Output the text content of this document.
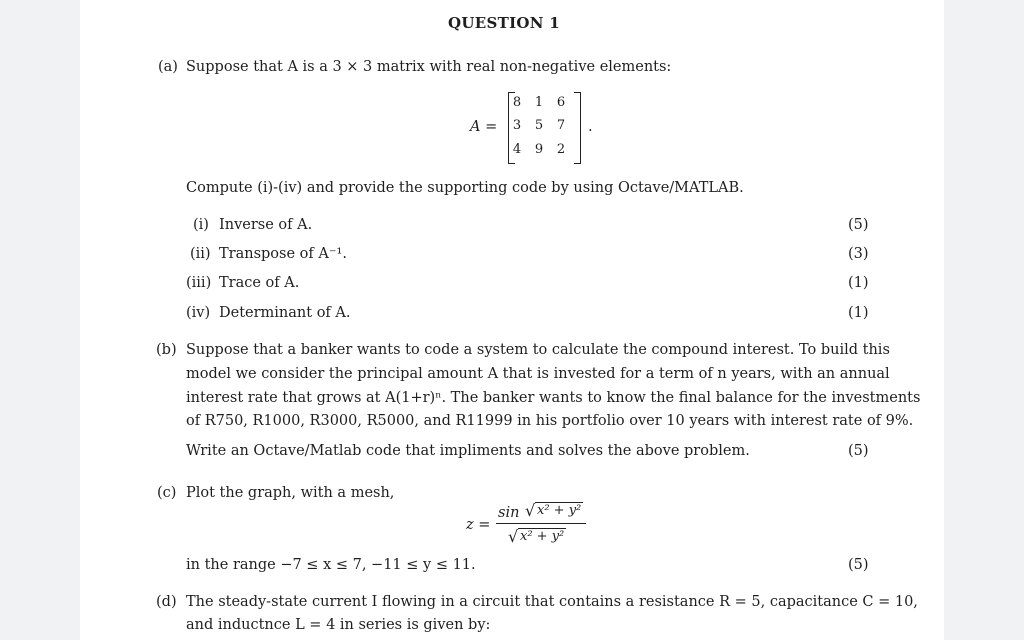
QUESTION 1
(a) Suppose that A is a 3 × 3 matrix with real non-negative elements:
A =
8	1	6
3	5	7
4	9	2
.
Compute (i)-(iv) and provide the supporting code by using Octave/MATLAB.
(i) Inverse of A.	(5)
(ii) Transpose of A⁻¹.	(3)
(iii) Trace of A.	(1)
(iv) Determinant of A.	(1)
(b) Suppose that a banker wants to code a system to calculate the compound interest. To build this
model we consider the principal amount A that is invested for a term of n years, with an annual
interest rate that grows at A(1+r)ⁿ. The banker wants to know the final balance for the investments
of R750, R1000, R3000, R5000, and R11999 in his portfolio over 10 years with interest rate of 9%.
Write an Octave/Matlab code that impliments and solves the above problem.	(5)
(c) Plot the graph, with a mesh,
z =
sin √ x² + y²
√ x² + y²
in the range −7 ≤ x ≤ 7, −11 ≤ y ≤ 11.	(5)
(d) The steady-state current I flowing in a circuit that contains a resistance R = 5, capacitance C = 10,
and inductnce L = 4 in series is given by:
